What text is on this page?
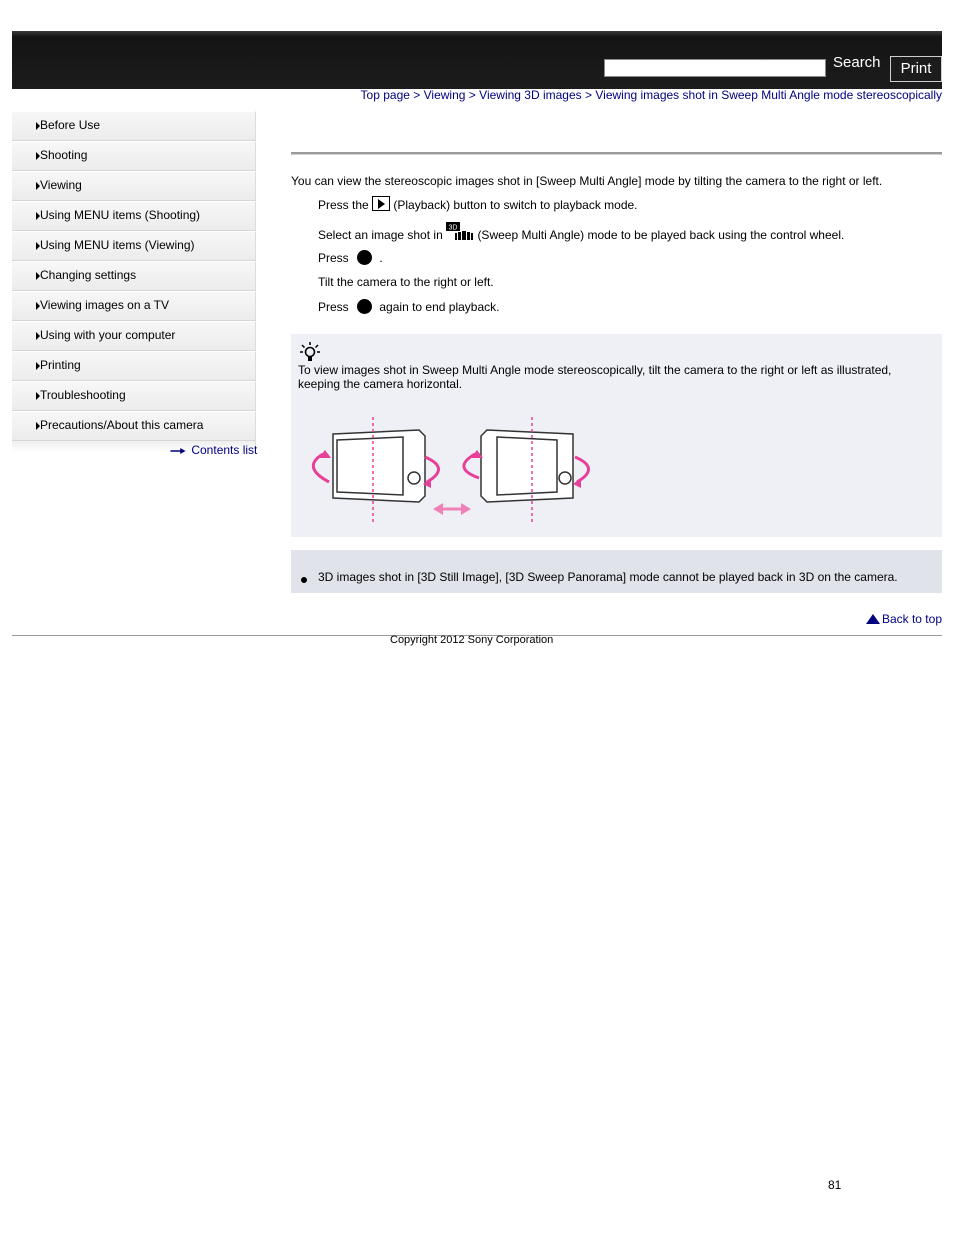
Search	Print
Top page > Viewing > Viewing 3D images > Viewing images shot in Sweep Multi Angle mode stereoscopically
Before Use
Shooting
Viewing
Using MENU items (Shooting)
Using MENU items (Viewing)
Changing settings
Viewing images on a TV
Using with your computer
Printing
Troubleshooting
Precautions/About this camera
Contents list
You can view the stereoscopic images shot in [Sweep Multi Angle] mode by tilting the camera to the right or left.
Press the (Playback) button to switch to playback mode.
Select an image shot in 3D (Sweep Multi Angle) mode to be played back using the control wheel.
Press	.
Tilt the camera to the right or left.
Press	again to end playback.
To view images shot in Sweep Multi Angle mode stereoscopically, tilt the camera to the right or left as illustrated, keeping the camera horizontal.
3D images shot in [3D Still Image], [3D Sweep Panorama] mode cannot be played back in 3D on the camera.
Back to top
Copyright 2012 Sony Corporation
81
